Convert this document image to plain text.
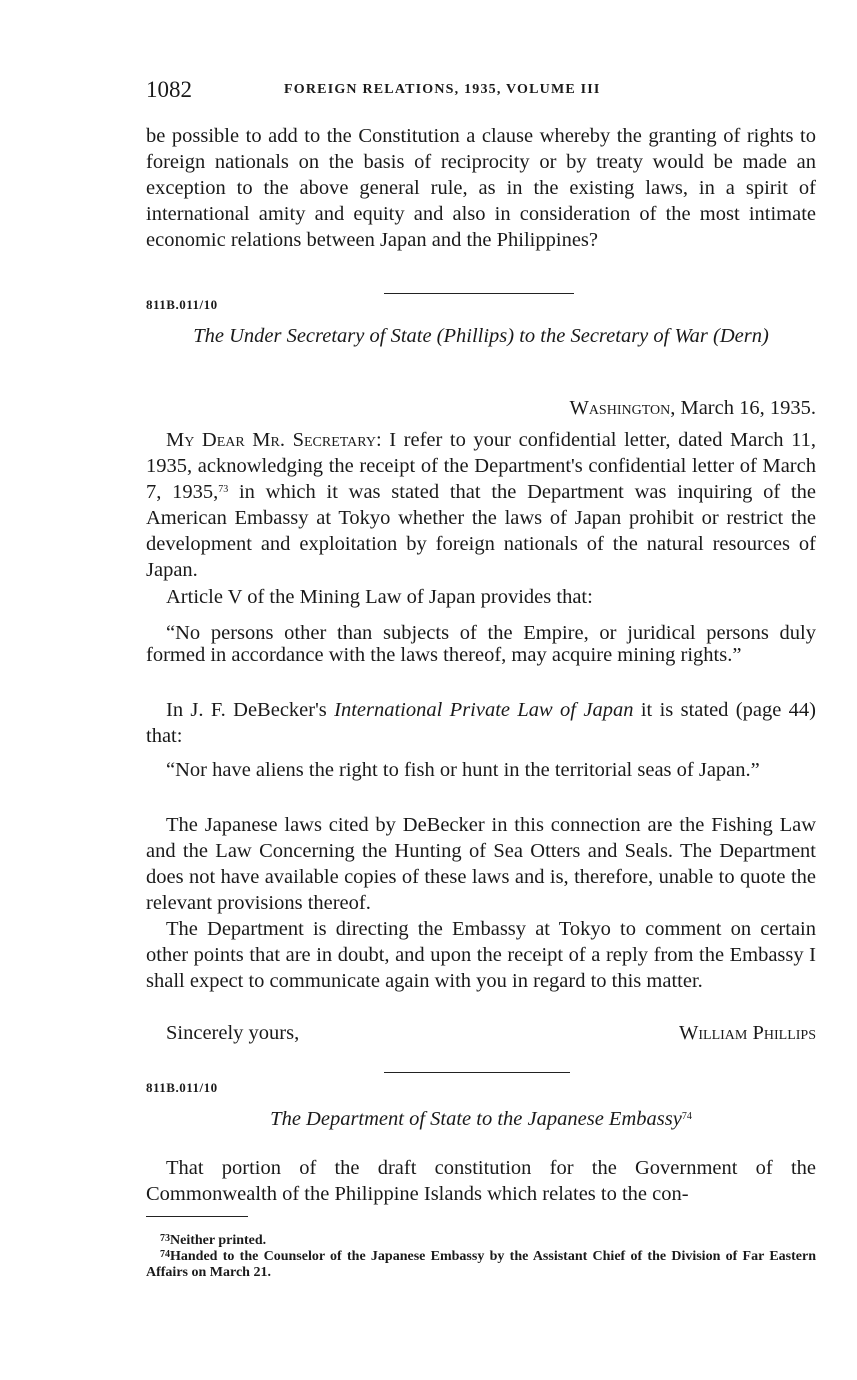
1082	FOREIGN RELATIONS, 1935, VOLUME III

be possible to add to the Constitution a clause whereby the granting of rights to foreign nationals on the basis of reciprocity or by treaty would be made an exception to the above general rule, as in the existing laws, in a spirit of international amity and equity and also in consideration of the most intimate economic relations between Japan and the Philippines?

811B.011/10
The Under Secretary of State (Phillips) to the Secretary of War (Dern)
Washington, March 16, 1935.

My Dear Mr. Secretary: I refer to your confidential letter, dated March 11, 1935, acknowledging the receipt of the Department's confidential letter of March 7, 1935,73 in which it was stated that the Department was inquiring of the American Embassy at Tokyo whether the laws of Japan prohibit or restrict the development and exploitation by foreign nationals of the natural resources of Japan.

Article V of the Mining Law of Japan provides that:

“No persons other than subjects of the Empire, or juridical persons duly formed in accordance with the laws thereof, may acquire mining rights.”

In J. F. DeBecker's International Private Law of Japan it is stated (page 44) that:

“Nor have aliens the right to fish or hunt in the territorial seas of Japan.”

The Japanese laws cited by DeBecker in this connection are the Fishing Law and the Law Concerning the Hunting of Sea Otters and Seals. The Department does not have available copies of these laws and is, therefore, unable to quote the relevant provisions thereof.

The Department is directing the Embassy at Tokyo to comment on certain other points that are in doubt, and upon the receipt of a reply from the Embassy I shall expect to communicate again with you in regard to this matter.

Sincerely yours,	William Phillips
811B.011/10
The Department of State to the Japanese Embassy$^{74}$

That portion of the draft constitution for the Government of the Commonwealth of the Philippine Islands which relates to the con-

$^{73}$Neither printed.

$^{74}$Handed to the Counselor of the Japanese Embassy by the Assistant Chief of the Division of Far Eastern Affairs on March 21.
